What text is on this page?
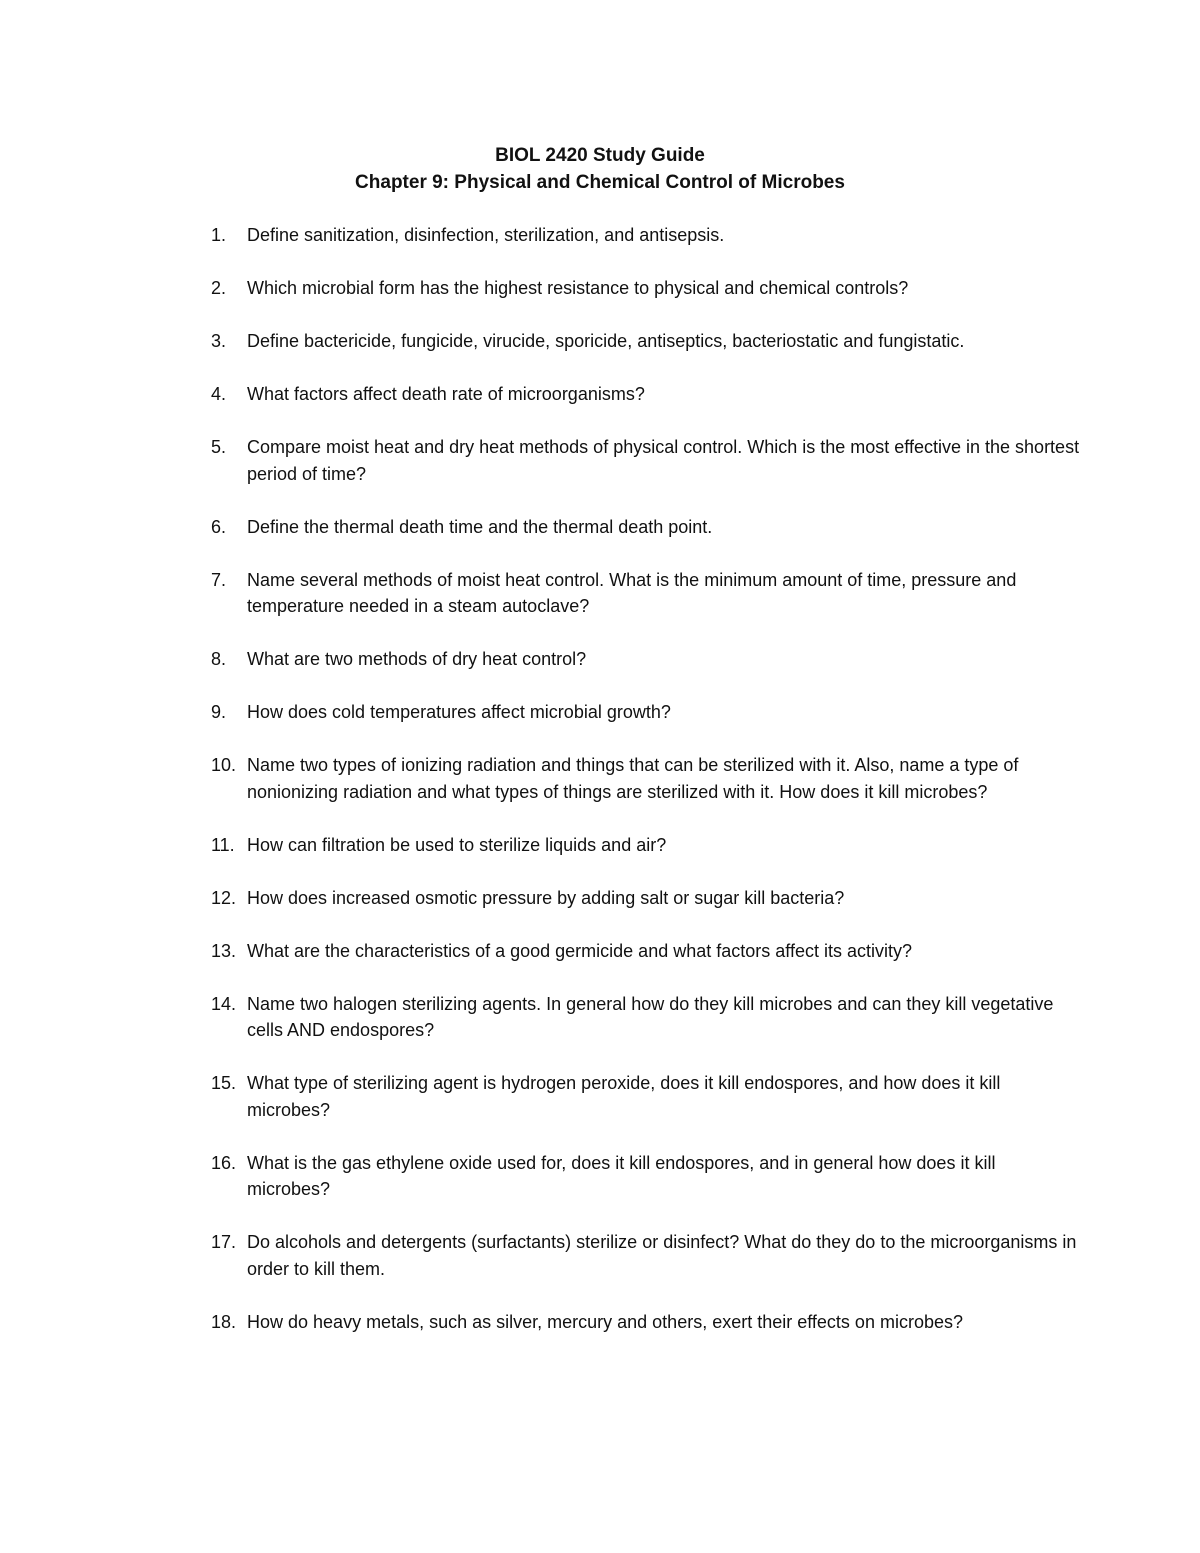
BIOL 2420 Study Guide
Chapter 9: Physical and Chemical Control of Microbes
1.	Define sanitization, disinfection, sterilization, and antisepsis.
2.	Which microbial form has the highest resistance to physical and chemical controls?
3.	Define bactericide, fungicide, virucide, sporicide, antiseptics, bacteriostatic and fungistatic.
4.	What factors affect death rate of microorganisms?
5.	Compare moist heat and dry heat methods of physical control. Which is the most effective in the shortest period of time?
6.	Define the thermal death time and the thermal death point.
7.	Name several methods of moist heat control. What is the minimum amount of time, pressure and temperature needed in a steam autoclave?
8.	What are two methods of dry heat control?
9.	How does cold temperatures affect microbial growth?
10. Name two types of ionizing radiation and things that can be sterilized with it. Also, name a type of nonionizing radiation and what types of things are sterilized with it. How does it kill microbes?
11. How can filtration be used to sterilize liquids and air?
12. How does increased osmotic pressure by adding salt or sugar kill bacteria?
13. What are the characteristics of a good germicide and what factors affect its activity?
14. Name two halogen sterilizing agents. In general how do they kill microbes and can they kill vegetative cells AND endospores?
15. What type of sterilizing agent is hydrogen peroxide, does it kill endospores, and how does it kill microbes?
16. What is the gas ethylene oxide used for, does it kill endospores, and in general how does it kill microbes?
17. Do alcohols and detergents (surfactants) sterilize or disinfect? What do they do to the microorganisms in order to kill them.
18. How do heavy metals, such as silver, mercury and others, exert their effects on microbes?
